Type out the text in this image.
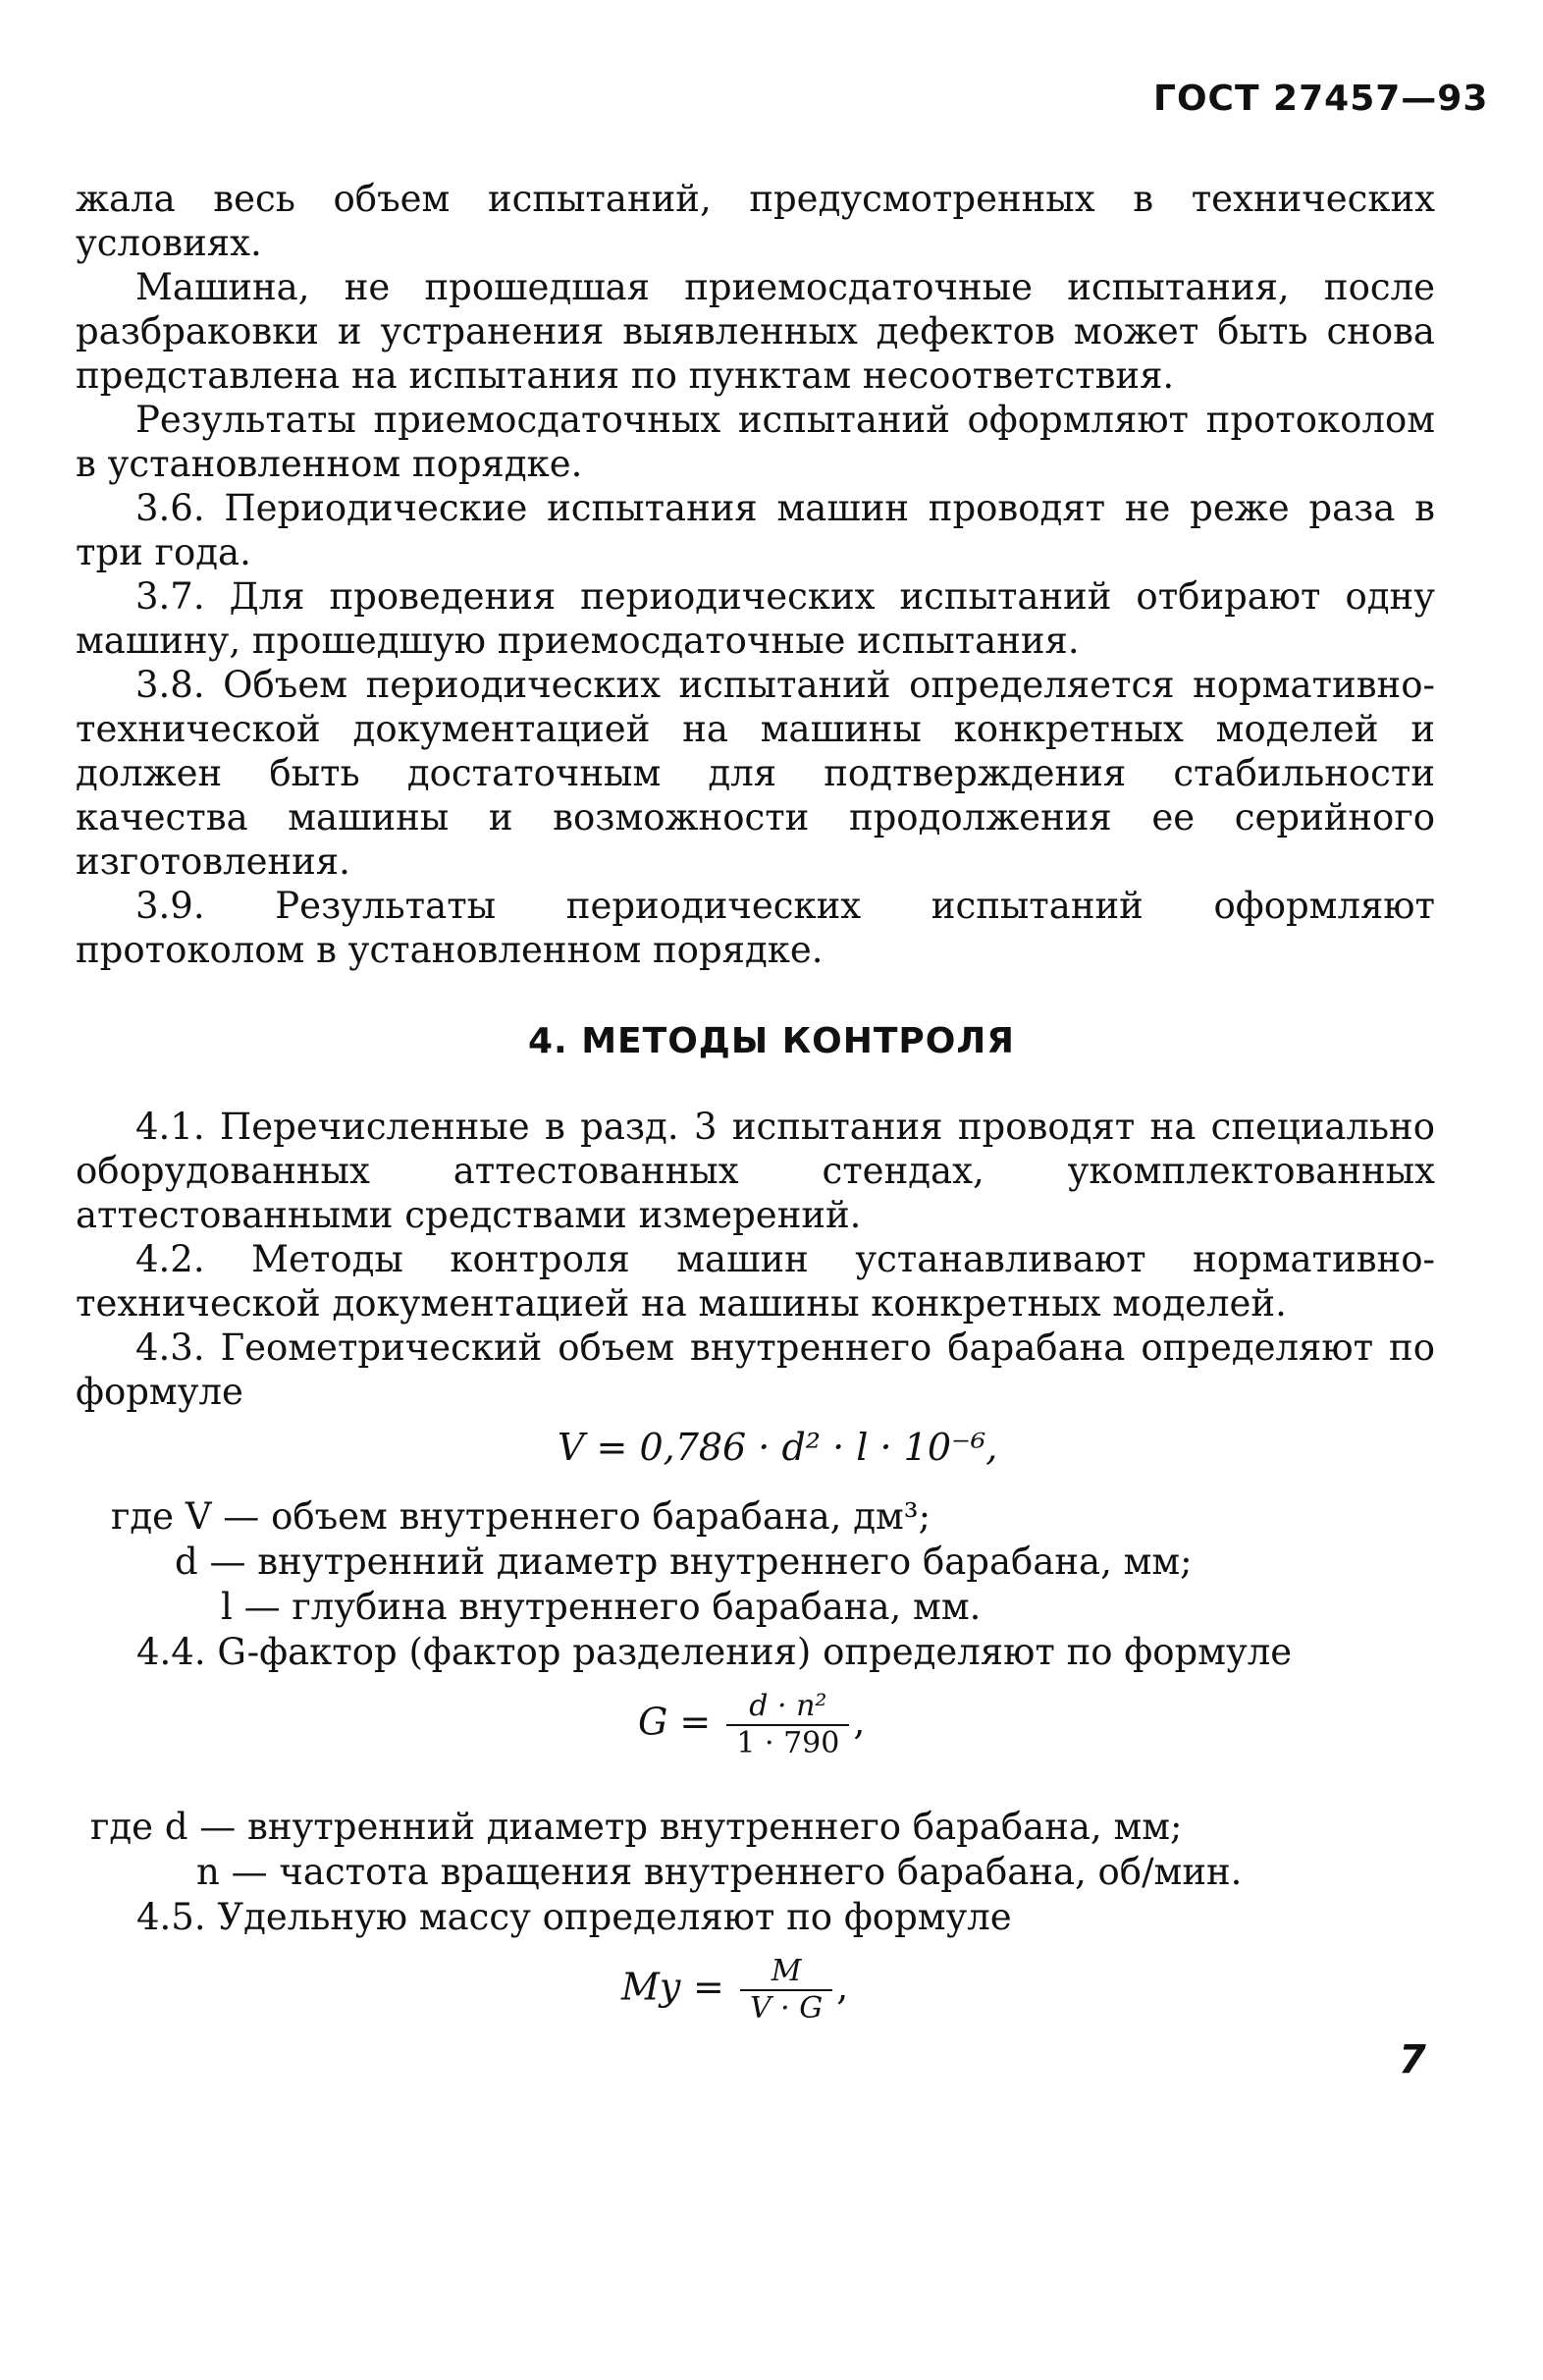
ГОСТ 27457—93

жала весь объем испытаний, предусмотренных в технических условиях.

Машина, не прошедшая приемосдаточные испытания, после разбраковки и устранения выявленных дефектов может быть снова представлена на испытания по пунктам несоответствия.

Результаты приемосдаточных испытаний оформляют протоколом в установленном порядке.

3.6. Периодические испытания машин проводят не реже раза в три года.

3.7. Для проведения периодических испытаний отбирают одну машину, прошедшую приемосдаточные испытания.

3.8. Объем периодических испытаний определяется нормативно-технической документацией на машины конкретных моделей и должен быть достаточным для подтверждения стабильности качества машины и возможности продолжения ее серийного изготовления.

3.9. Результаты периодических испытаний оформляют протоколом в установленном порядке.

4. МЕТОДЫ КОНТРОЛЯ

4.1. Перечисленные в разд. 3 испытания проводят на специально оборудованных аттестованных стендах, укомплектованных аттестованными средствами измерений.

4.2. Методы контроля машин устанавливают нормативно-технической документацией на машины конкретных моделей.

4.3. Геометрический объем внутреннего барабана определяют по формуле

V = 0,786 · d² · l · 10⁻⁶,
где V — объем внутреннего барабана, дм³;
d — внутренний диаметр внутреннего барабана, мм;
l — глубина внутреннего барабана, мм.
4.4. G-фактор (фактор разделения) определяют по формуле
$G = \frac{\text{d · n²}}{1 \cdot 790}$ ,
где d — внутренний диаметр внутреннего барабана, мм;
n — частота вращения внутреннего барабана, об/мин.
4.5. Удельную массу определяют по формуле
Mу = $\frac{M}{V \cdot G}$ ,
7
